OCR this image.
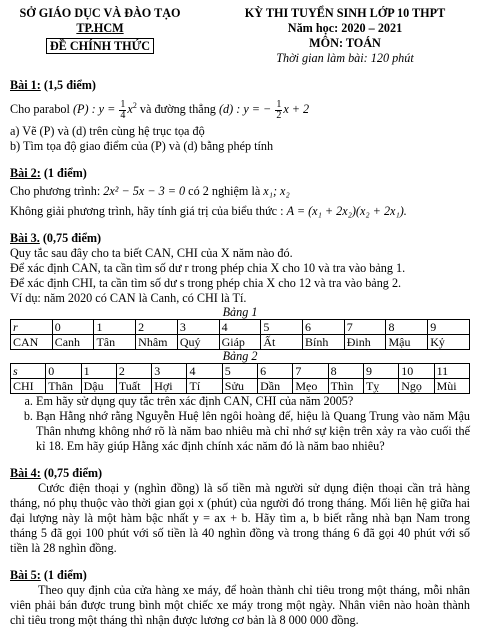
SỞ GIÁO DỤC VÀ ĐÀO TẠO
TP.HCM
ĐỀ CHÍNH THỨC
KỲ THI TUYỂN SINH LỚP 10 THPT
Năm học: 2020 – 2021
MÔN: TOÁN
Thời gian làm bài: 120 phút

Bài 1: (1,5 điểm)

Cho parabol (P) : $y = \frac{1}{4} x^2$ và đường thẳng (d) : y = − $\frac{1}{2}$ x + 2

a) Vẽ (P) và (d) trên cùng hệ trục tọa độ

b) Tìm tọa độ giao điểm của (P) và (d) bằng phép tính

Bài 2: (1 điểm)

Cho phương trình: 2x² − 5x − 3 = 0 có 2 nghiệm là x₁; x₂

Không giải phương trình, hãy tính giá trị của biểu thức : A = (x₁ + 2x₂)(x₂ + 2x₁).

Bài 3. (0,75 điểm)

Quy tắc sau đây cho ta biết CAN, CHI của X năm nào đó.

Để xác định CAN, ta cần tìm số dư r trong phép chia X cho 10 và tra vào bảng 1.

Để xác định CHI, ta cần tìm số dư s trong phép chia X cho 12 và tra vào bảng 2.

Ví dụ: năm 2020 có CAN là Canh, có CHI là Tí.

Bảng 1
r	0	1	2	3	4	5	6	7	8	9
CAN	Canh	Tân	Nhâm	Quý	Giáp	Ất	Bính	Đinh	Mậu	Kỷ
Bảng 2
s	0	1	2	3	4	5	6	7	8	9	10	11
CHI	Thân	Dậu	Tuất	Hợi	Tí	Sửu	Dần	Mẹo	Thìn	Tỵ	Ngọ	Mùi
a. Em hãy sử dụng quy tắc trên xác định CAN, CHI của năm 2005?
b. Bạn Hằng nhớ rằng Nguyễn Huệ lên ngôi hoàng đế, hiệu là Quang Trung vào năm Mậu Thân nhưng không nhớ rõ là năm bao nhiêu mà chỉ nhớ sự kiện trên xảy ra vào cuối thế kỉ 18. Em hãy giúp Hằng xác định chính xác năm đó là năm bao nhiêu?

Bài 4: (0,75 điểm)

Cước điện thoại y (nghìn đồng) là số tiền mà người sử dụng điện thoại cần trả hàng tháng, nó phụ thuộc vào thời gian gọi x (phút) của người đó trong tháng. Mối liên hệ giữa hai đại lượng này là một hàm bậc nhất y = ax + b. Hãy tìm a, b biết rằng nhà bạn Nam trong tháng 5 đã gọi 100 phút với số tiền là 40 nghìn đồng và trong tháng 6 đã gọi 40 phút với số tiền là 28 nghìn đồng.

Bài 5: (1 điểm)

Theo quy định của cửa hàng xe máy, để hoàn thành chỉ tiêu trong một tháng, mỗi nhân viên phải bán được trung bình một chiếc xe máy trong một ngày. Nhân viên nào hoàn thành chỉ tiêu trong một tháng thì nhận được lương cơ bản là 8 000 000 đồng.
